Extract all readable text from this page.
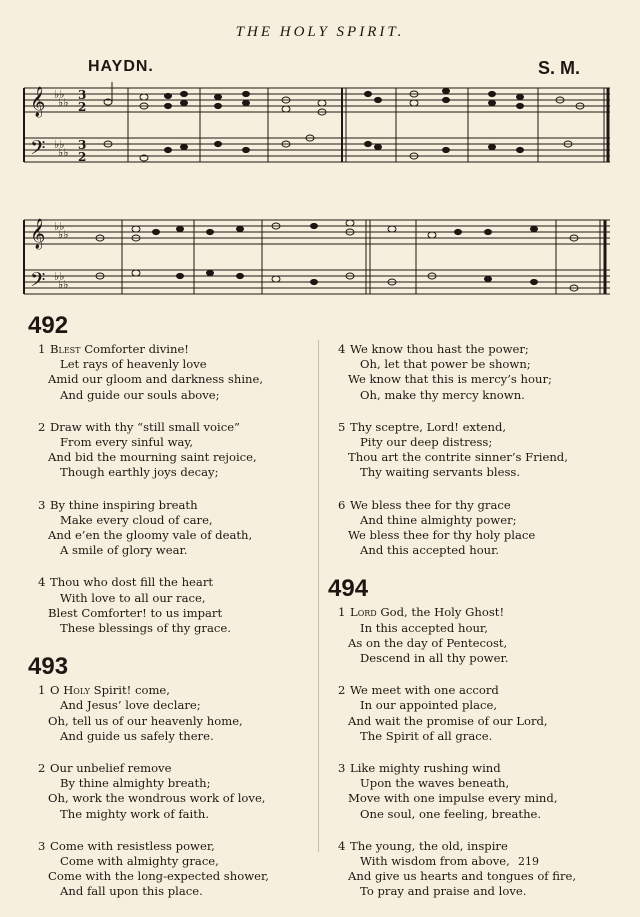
THE HOLY SPIRIT.
HAYDN.	S. M.
𝄞
𝄢
♭♭
♭♭
♭♭
♭♭
3
2
3
2
𝄞
𝄢
♭♭
♭♭
♭♭
♭♭
492
1 Blest Comforter divine!
Let rays of heavenly love
Amid our gloom and darkness shine,
And guide our souls above;
2 Draw with thy “still small voice”
From every sinful way,
And bid the mourning saint rejoice,
Though earthly joys decay;
3 By thine inspiring breath
Make every cloud of care,
And e’en the gloomy vale of death,
A smile of glory wear.
4 Thou who dost fill the heart
With love to all our race,
Blest Comforter! to us impart
These blessings of thy grace.
493
1 O Holy Spirit! come,
And Jesus’ love declare;
Oh, tell us of our heavenly home,
And guide us safely there.
2 Our unbelief remove
By thine almighty breath;
Oh, work the wondrous work of love,
The mighty work of faith.
3 Come with resistless power,
Come with almighty grace,
Come with the long-expected shower,
And fall upon this place.
4 We know thou hast the power;
Oh, let that power be shown;
We know that this is mercy’s hour;
Oh, make thy mercy known.
5 Thy sceptre, Lord! extend,
Pity our deep distress;
Thou art the contrite sinner’s Friend,
Thy waiting servants bless.
6 We bless thee for thy grace
And thine almighty power;
We bless thee for thy holy place
And this accepted hour.
494
1 Lord God, the Holy Ghost!
In this accepted hour,
As on the day of Pentecost,
Descend in all thy power.
2 We meet with one accord
In our appointed place,
And wait the promise of our Lord,
The Spirit of all grace.
3 Like mighty rushing wind
Upon the waves beneath,
Move with one impulse every mind,
One soul, one feeling, breathe.
4 The young, the old, inspire
With wisdom from above,
And give us hearts and tongues of fire,
To pray and praise and love.
219
